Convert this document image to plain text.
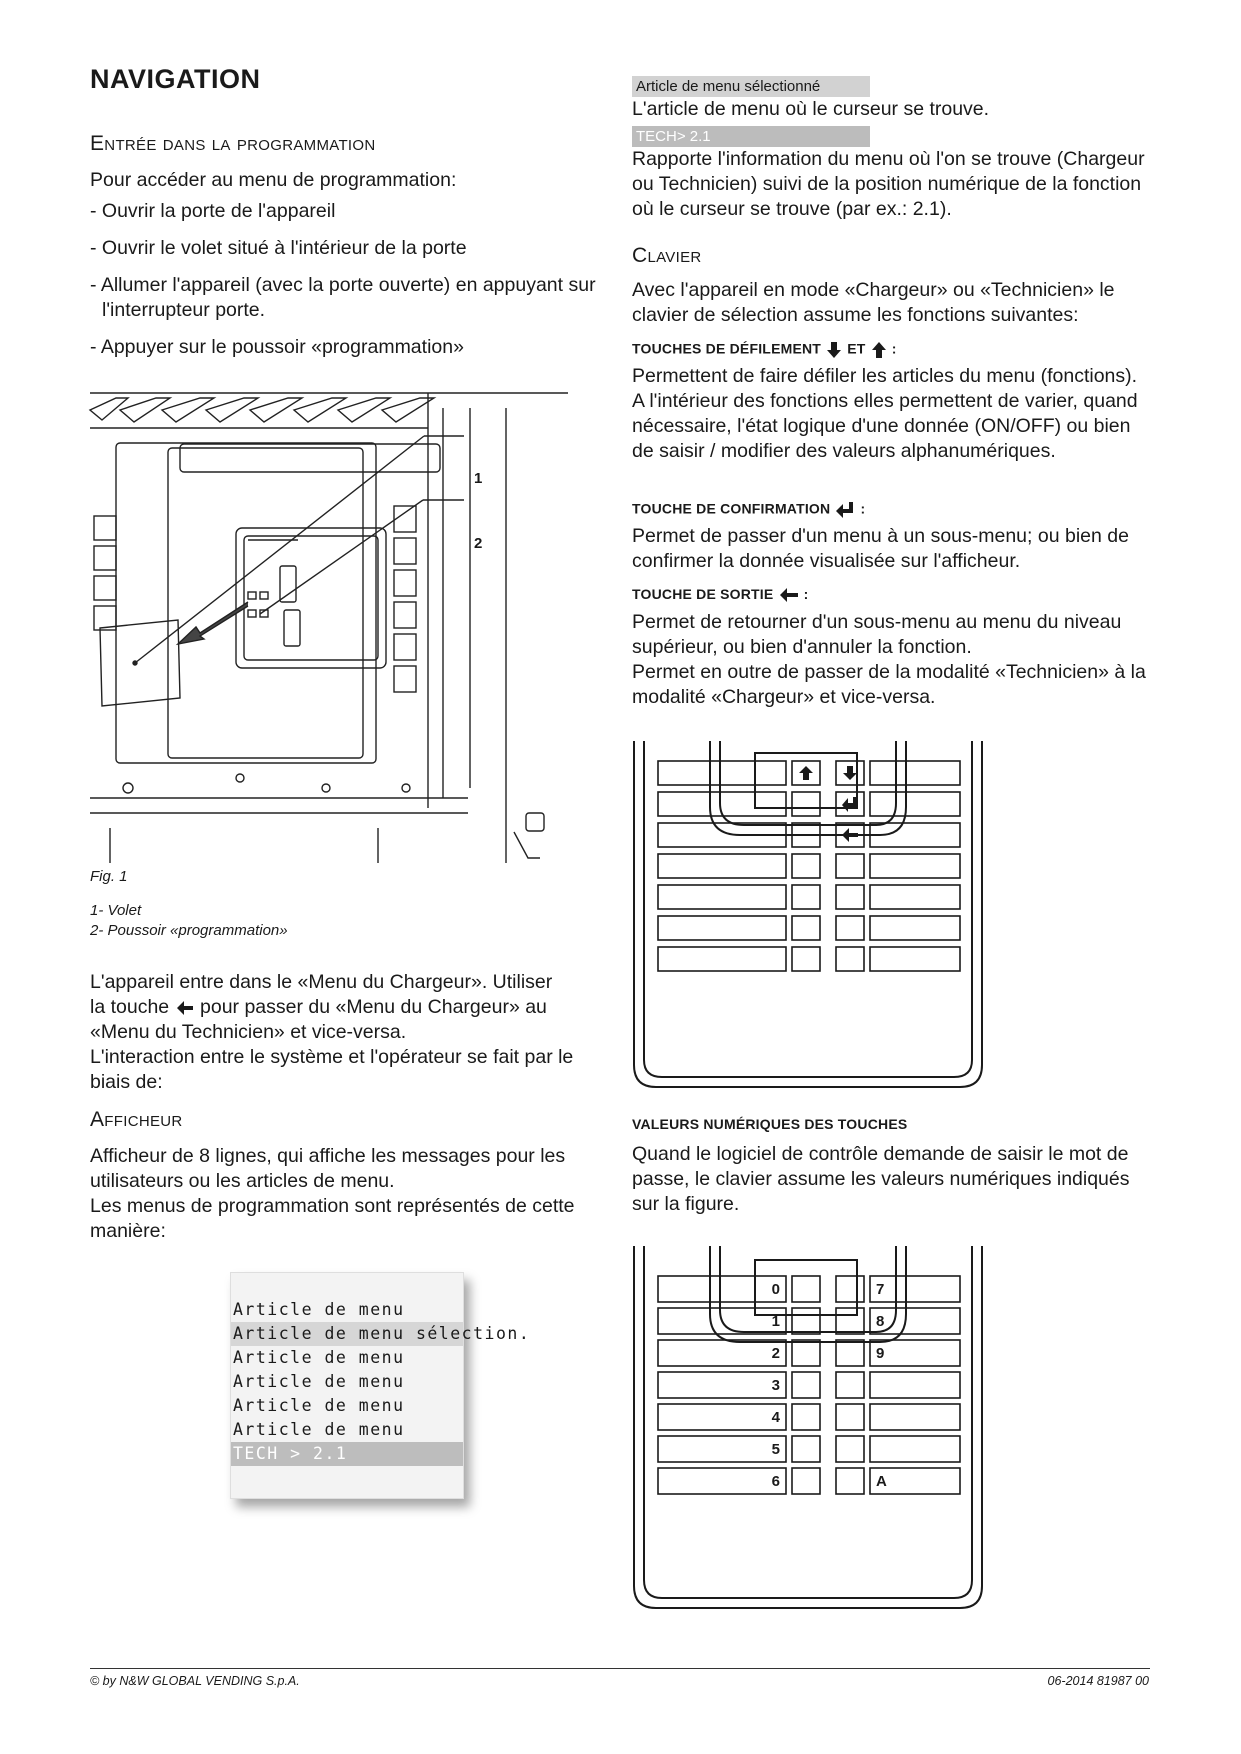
NAVIGATION
Entrée dans la programmation

Pour accéder au menu de programmation:

- Ouvrir la porte de l'appareil
- Ouvrir le volet situé à l'intérieur de la porte
- Allumer l'appareil (avec la porte ouverte) en appuyant sur l'interrupteur porte.
- Appuyer sur le poussoir «programmation»
1
2
Fig. 1
1- Volet
2- Poussoir «programmation»
L'appareil entre dans le «Menu du Chargeur». Utiliser
la touche pour passer du «Menu du Chargeur» au
«Menu du Technicien» et vice-versa.
L'interaction entre le système et l'opérateur se fait par le biais de:
Afficheur

Afficheur de 8 lignes, qui affiche les messages pour les utilisateurs ou les articles de menu.

Les menus de programmation sont représentés de cette manière:

Article de menu
Article de menu sélection.
Article de menu
Article de menu
Article de menu
Article de menu
TECH > 2.1
Article de menu sélectionné
L'article de menu où le curseur se trouve.
TECH> 2.1
Rapporte l'information du menu où l'on se trouve (Chargeur ou Technicien) suivi de la position numérique de la fonction où le curseur se trouve (par ex.: 2.1).
Clavier
Avec l'appareil en mode «Chargeur» ou «Technicien» le clavier de sélection assume les fonctions suivantes:
TOUCHES DE DÉFILEMENT ET :
Permettent de faire défiler les articles du menu (fonctions).
A l'intérieur des fonctions elles permettent de varier, quand nécessaire, l'état logique d'une donnée (ON/OFF) ou bien de saisir / modifier des valeurs alphanumériques.
TOUCHE DE CONFIRMATION :
Permet de passer d'un menu à un sous-menu; ou bien de confirmer la donnée visualisée sur l'afficheur.
TOUCHE DE SORTIE :
Permet de retourner d'un sous-menu au menu du niveau supérieur, ou bien d'annuler la fonction.
Permet en outre de passer de la modalité «Technicien» à la modalité «Chargeur» et vice-versa.
VALEURS NUMÉRIQUES DES TOUCHES
Quand le logiciel de contrôle demande de saisir le mot de passe, le clavier assume les valeurs numériques indiqués sur la figure.
0	7
1	8
2	9
3
4
5
6	A
© by N&W GLOBAL VENDING S.p.A.	06-2014 81987 00
